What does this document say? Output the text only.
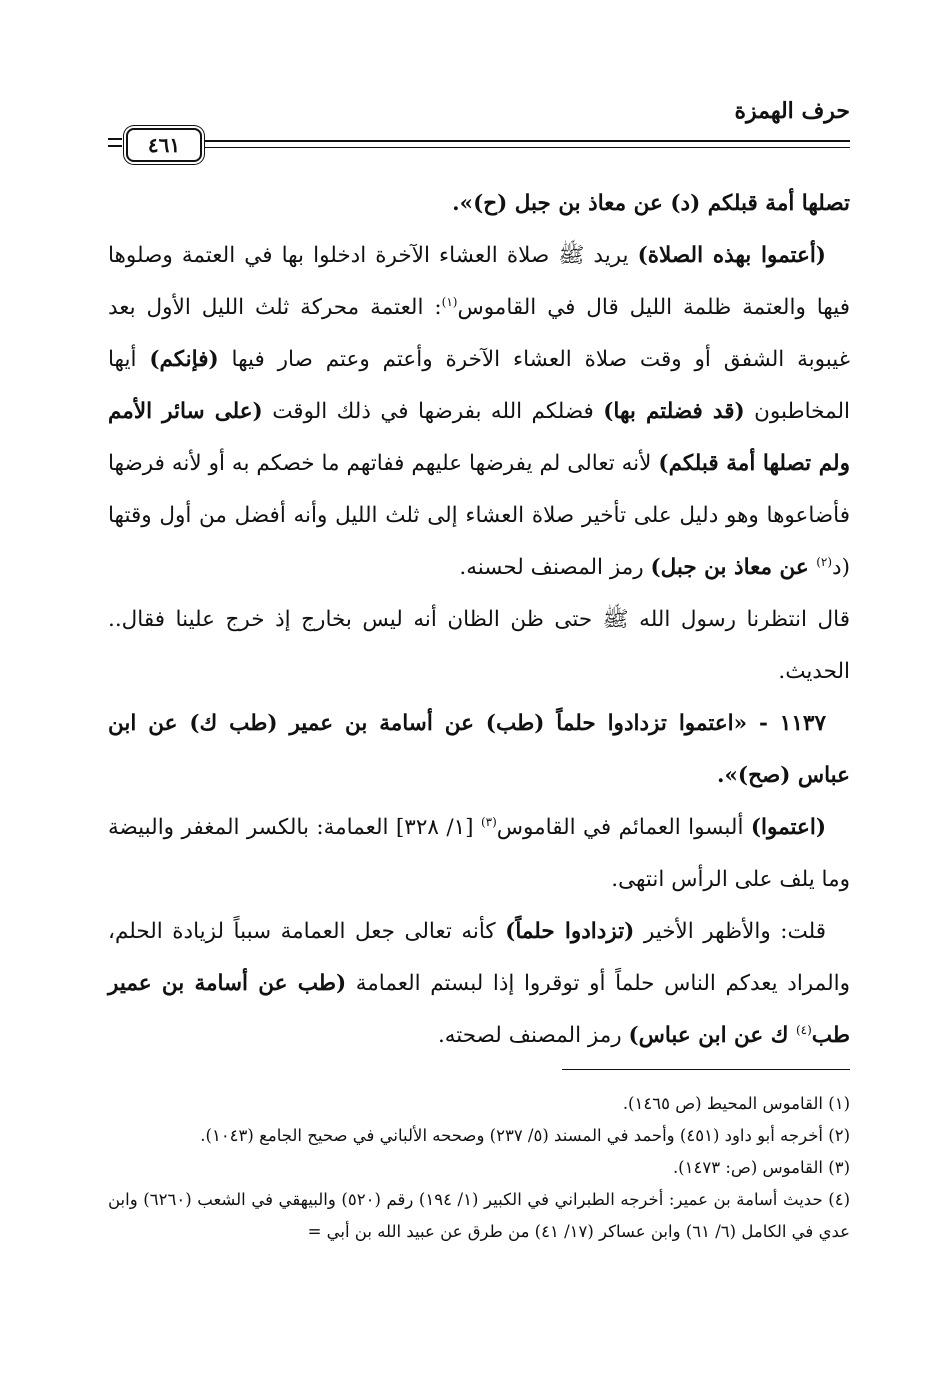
حرف الهمزة
٤٦١

تصلها أمة قبلكم (د) عن معاذ بن جبل (ح)».

(أعتموا بهذه الصلاة) يريد ﷺ صلاة العشاء الآخرة ادخلوا بها في العتمة وصلوها فيها والعتمة ظلمة الليل قال في القاموس$^{(١)}$: العتمة محركة ثلث الليل الأول بعد غيبوبة الشفق أو وقت صلاة العشاء الآخرة وأعتم وعتم صار فيها (فإنكم) أيها المخاطبون (قد فضلتم بها) فضلكم الله بفرضها في ذلك الوقت (على سائر الأمم ولم تصلها أمة قبلكم) لأنه تعالى لم يفرضها عليهم ففاتهم ما خصكم به أو لأنه فرضها فأضاعوها وهو دليل على تأخير صلاة العشاء إلى ثلث الليل وأنه أفضل من أول وقتها (د$^{(٢)}$ عن معاذ بن جبل) رمز المصنف لحسنه.

قال انتظرنا رسول الله ﷺ حتى ظن الظان أنه ليس بخارج إذ خرج علينا فقال.. الحديث.

١١٣٧ - «اعتموا تزدادوا حلماً (طب) عن أسامة بن عمير (طب ك) عن ابن عباس (صح)».

(اعتموا) ألبسوا العمائم في القاموس$^{(٣)}$ [١/ ٣٢٨] العمامة: بالكسر المغفر والبيضة وما يلف على الرأس انتهى.

قلت: والأظهر الأخير (تزدادوا حلماً) كأنه تعالى جعل العمامة سبباً لزيادة الحلم، والمراد يعدكم الناس حلماً أو توقروا إذا لبستم العمامة (طب عن أسامة بن عمير طب$^{(٤)}$ ك عن ابن عباس) رمز المصنف لصحته.

(١) القاموس المحيط (ص ١٤٦٥).

(٢) أخرجه أبو داود (٤٥١) وأحمد في المسند (٥/ ٢٣٧) وصححه الألباني في صحيح الجامع (١٠٤٣).

(٣) القاموس (ص: ١٤٧٣).

(٤) حديث أسامة بن عمير: أخرجه الطبراني في الكبير (١/ ١٩٤) رقم (٥٢٠) والبيهقي في الشعب (٦٢٦٠) وابن عدي في الكامل (٦/ ٦١) وابن عساكر (١٧/ ٤١) من طرق عن عبيد الله بن أبي =
